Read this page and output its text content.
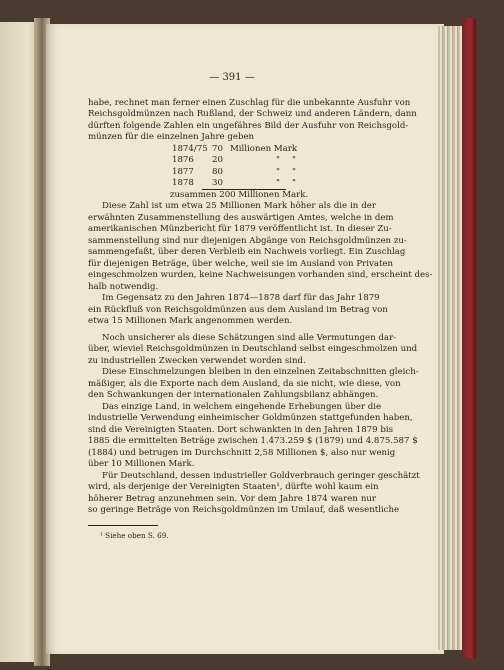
— 391 —
habe, rechnet man ferner einen Zuschlag für die unbekannte Ausfuhr von
Reichsgoldmünzen nach Rußland, der Schweiz und anderen Ländern, dann
dürften folgende Zahlen ein ungefähres Bild der Ausfuhr von Reichsgold-
münzen für die einzelnen Jahre geben
1874/75 70 Millionen Mark
1876 20	" "
1877 80	" "
1878 30	" "
zusammen 200 Millionen Mark.
Diese Zahl ist um etwa 25 Millionen Mark höher als die in der
erwähnten Zusammenstellung des auswärtigen Amtes, welche in dem
amerikanischen Münzbericht für 1879 veröffentlicht ist. In dieser Zu-
sammenstellung sind nur diejenigen Abgänge von Reichsgoldmünzen zu-
sammengefaßt, über deren Verbleib ein Nachweis vorliegt. Ein Zuschlag
für diejenigen Beträge, über welche, weil sie im Ausland von Privaten
eingeschmolzen wurden, keine Nachweisungen vorhanden sind, erscheint des-
halb notwendig.
Im Gegensatz zu den Jahren 1874—1878 darf für das Jahr 1879
ein Rückfluß von Reichsgoldmünzen aus dem Ausland im Betrag von
etwa 15 Millionen Mark angenommen werden.
Noch unsicherer als diese Schätzungen sind alle Vermutungen dar-
über, wieviel Reichsgoldmünzen in Deutschland selbst eingeschmolzen und
zu industriellen Zwecken verwendet worden sind.
Diese Einschmelzungen bleiben in den einzelnen Zeitabschnitten gleich-
mäßiger, als die Exporte nach dem Ausland, da sie nicht, wie diese, von
den Schwankungen der internationalen Zahlungsbilanz abhängen.
Das einzige Land, in welchem eingehende Erhebungen über die
industrielle Verwendung einheimischer Goldmünzen stattgefunden haben,
sind die Vereinigten Staaten. Dort schwankten in den Jahren 1879 bis
1885 die ermittelten Beträge zwischen 1.473.259 $ (1879) und 4.875.587 $
(1884) und betrugen im Durchschnitt 2,58 Millionen $, also nur wenig
über 10 Millionen Mark.
Für Deutschland, dessen industrieller Goldverbrauch geringer geschätzt
wird, als derjenige der Vereinigten Staaten¹, dürfte wohl kaum ein
höherer Betrag anzunehmen sein. Vor dem Jahre 1874 waren nur
so geringe Beträge von Reichsgoldmünzen im Umlauf, daß wesentliche
¹ Siehe oben S. 69.
